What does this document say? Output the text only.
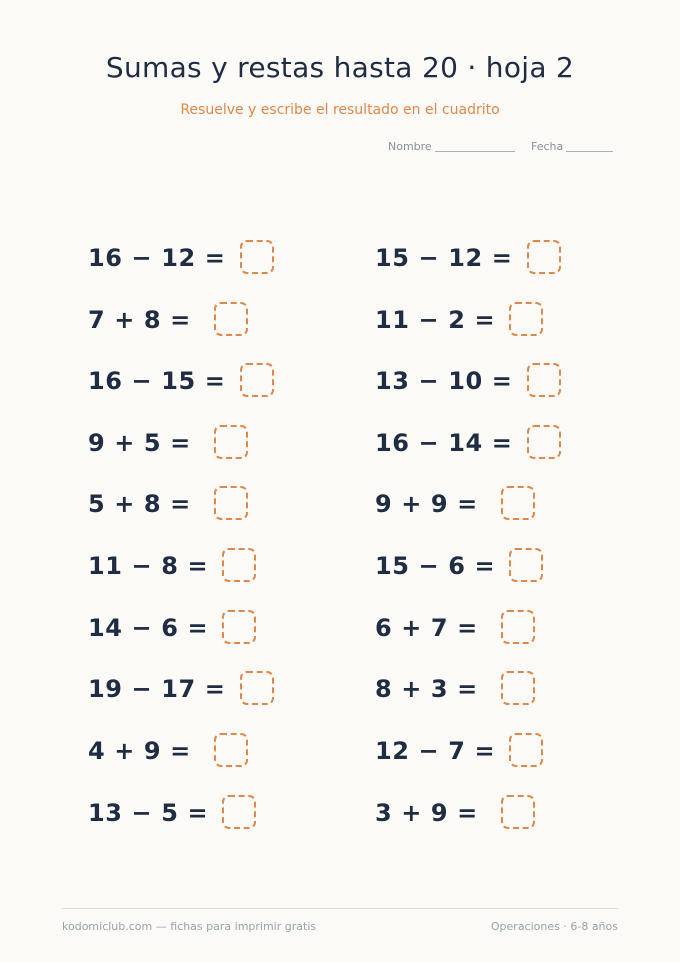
Sumas y restas hasta 20 · hoja 2
Resuelve y escribe el resultado en el cuadrito
Nombre	Fecha
16 − 12 =
7 + 8 =
16 − 15 =
9 + 5 =
5 + 8 =
11 − 8 =
14 − 6 =
19 − 17 =
4 + 9 =
13 − 5 =
15 − 12 =
11 − 2 =
13 − 10 =
16 − 14 =
9 + 9 =
15 − 6 =
6 + 7 =
8 + 3 =
12 − 7 =
3 + 9 =
kodomiclub.com — fichas para imprimir gratis	Operaciones · 6-8 años
